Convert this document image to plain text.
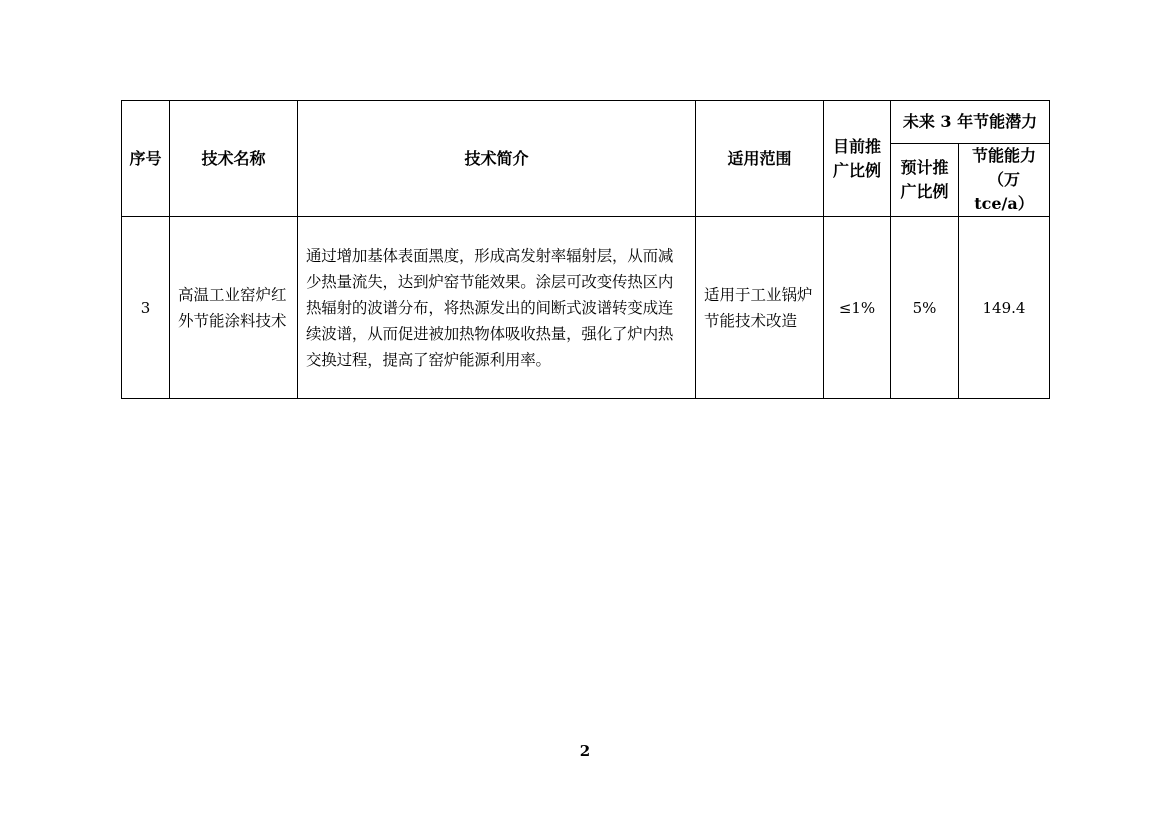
序号	技术名称	技术简介	适用范围	目前推广比例	未来 3 年节能潜力	
					预计推广比例	节能能力（万 tce/a）
3	高温工业窑炉红外节能涂料技术	通过增加基体表面黑度，形成高发射率辐射层，从而减少热量流失，达到炉窑节能效果。涂层可改变传热区内热辐射的波谱分布，将热源发出的间断式波谱转变成连续波谱，从而促进被加热物体吸收热量，强化了炉内热交换过程，提高了窑炉能源利用率。	适用于工业锅炉节能技术改造	≤1%	5%	149.4
2
